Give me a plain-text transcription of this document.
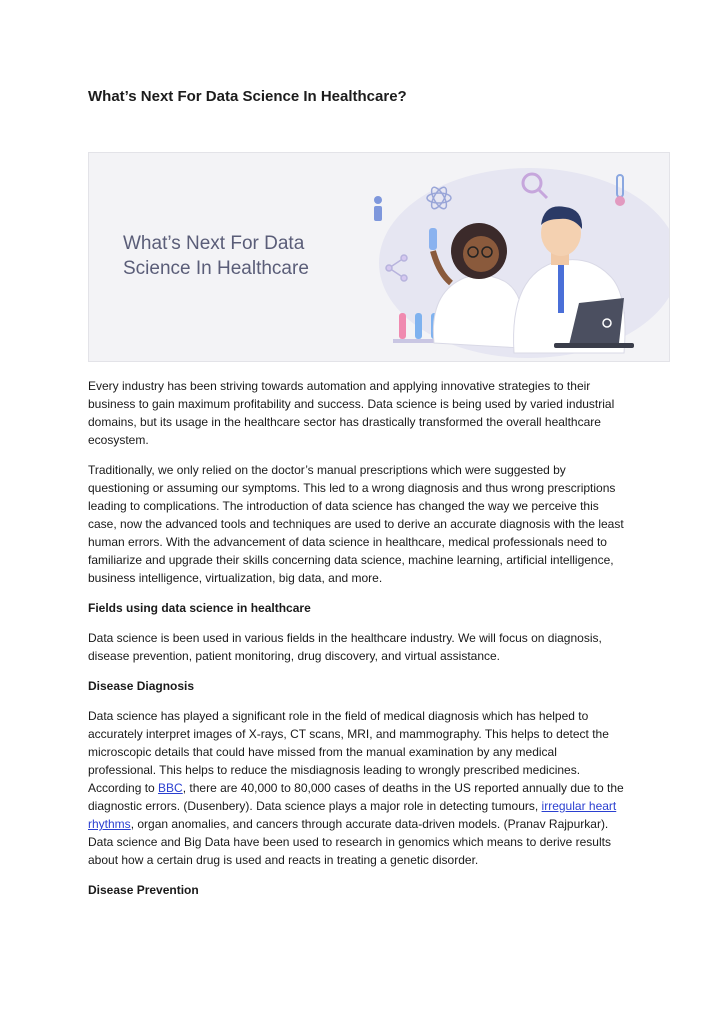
What’s Next For Data Science In Healthcare?
What’s Next For Data
Science In Healthcare

Every industry has been striving towards automation and applying innovative strategies to their
business to gain maximum profitability and success. Data science is being used by varied industrial
domains, but its usage in the healthcare sector has drastically transformed the overall healthcare
ecosystem.

Traditionally, we only relied on the doctor’s manual prescriptions which were suggested by
questioning or assuming our symptoms. This led to a wrong diagnosis and thus wrong prescriptions
leading to complications. The introduction of data science has changed the way we perceive this
case, now the advanced tools and techniques are used to derive an accurate diagnosis with the least
human errors. With the advancement of data science in healthcare, medical professionals need to
familiarize and upgrade their skills concerning data science, machine learning, artificial intelligence,
business intelligence, virtualization, big data, and more.

Fields using data science in healthcare

Data science is been used in various fields in the healthcare industry. We will focus on diagnosis,
disease prevention, patient monitoring, drug discovery, and virtual assistance.

Disease Diagnosis

Data science has played a significant role in the field of medical diagnosis which has helped to
accurately interpret images of X-rays, CT scans, MRI, and mammography. This helps to detect the
microscopic details that could have missed from the manual examination by any medical
professional. This helps to reduce the misdiagnosis leading to wrongly prescribed medicines.
According to BBC, there are 40,000 to 80,000 cases of deaths in the US reported annually due to the
diagnostic errors. (Dusenbery). Data science plays a major role in detecting tumours, irregular heart
rhythms, organ anomalies, and cancers through accurate data-driven models. (Pranav Rajpurkar).
Data science and Big Data have been used to research in genomics which means to derive results
about how a certain drug is used and reacts in treating a genetic disorder.

Disease Prevention
